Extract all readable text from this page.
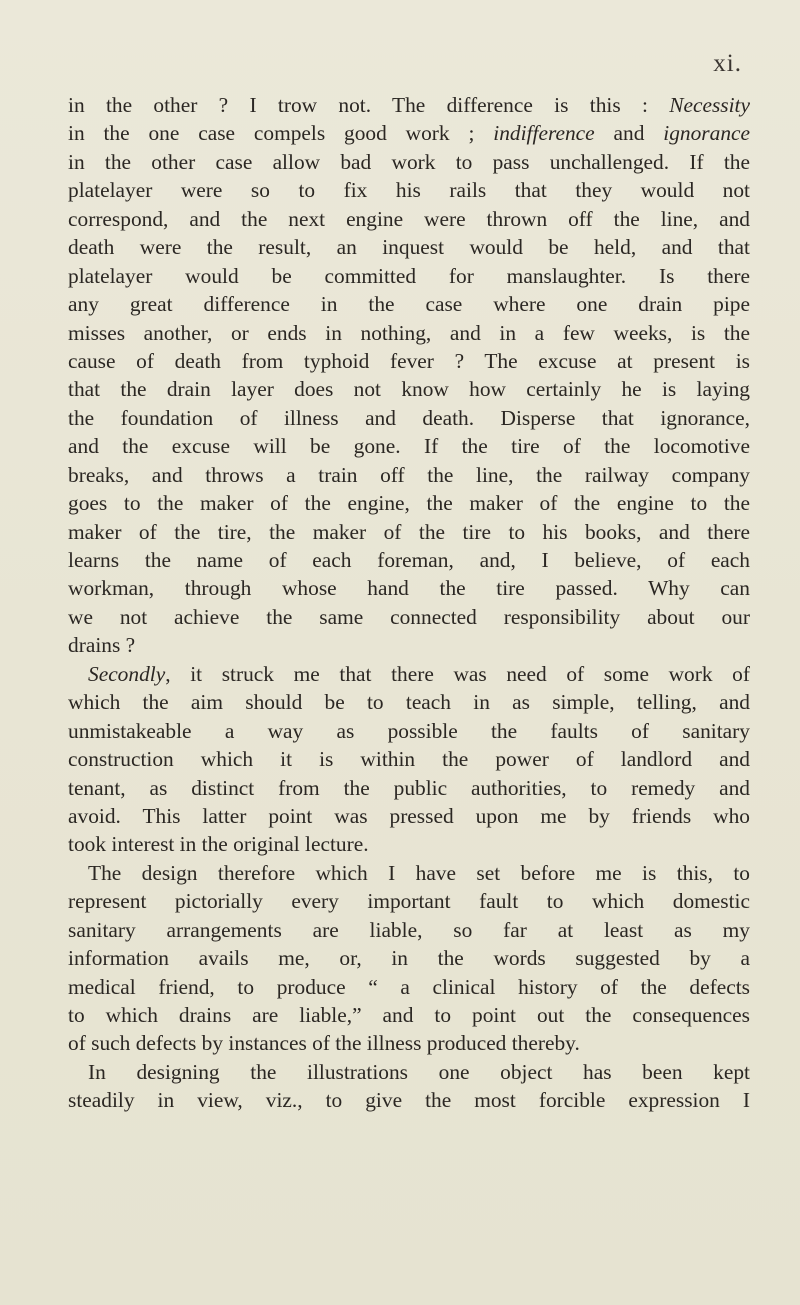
xi.
in the other ? I trow not. The difference is this : Necessity
in the one case compels good work ; indifference and ignorance
in the other case allow bad work to pass unchallenged. If the
platelayer were so to fix his rails that they would not
correspond, and the next engine were thrown off the line, and
death were the result, an inquest would be held, and that
platelayer would be committed for manslaughter. Is there
any great difference in the case where one drain pipe
misses another, or ends in nothing, and in a few weeks, is the
cause of death from typhoid fever ? The excuse at present is
that the drain layer does not know how certainly he is laying
the foundation of illness and death. Disperse that ignorance,
and the excuse will be gone. If the tire of the locomotive
breaks, and throws a train off the line, the railway company
goes to the maker of the engine, the maker of the engine to the
maker of the tire, the maker of the tire to his books, and there
learns the name of each foreman, and, I believe, of each
workman, through whose hand the tire passed. Why can
we not achieve the same connected responsibility about our
drains ?
Secondly, it struck me that there was need of some work of
which the aim should be to teach in as simple, telling, and
unmistakeable a way as possible the faults of sanitary
construction which it is within the power of landlord and
tenant, as distinct from the public authorities, to remedy and
avoid. This latter point was pressed upon me by friends who
took interest in the original lecture.
The design therefore which I have set before me is this, to
represent pictorially every important fault to which domestic
sanitary arrangements are liable, so far at least as my
information avails me, or, in the words suggested by a
medical friend, to produce “ a clinical history of the defects
to which drains are liable,” and to point out the consequences
of such defects by instances of the illness produced thereby.
In designing the illustrations one object has been kept
steadily in view, viz., to give the most forcible expression I
